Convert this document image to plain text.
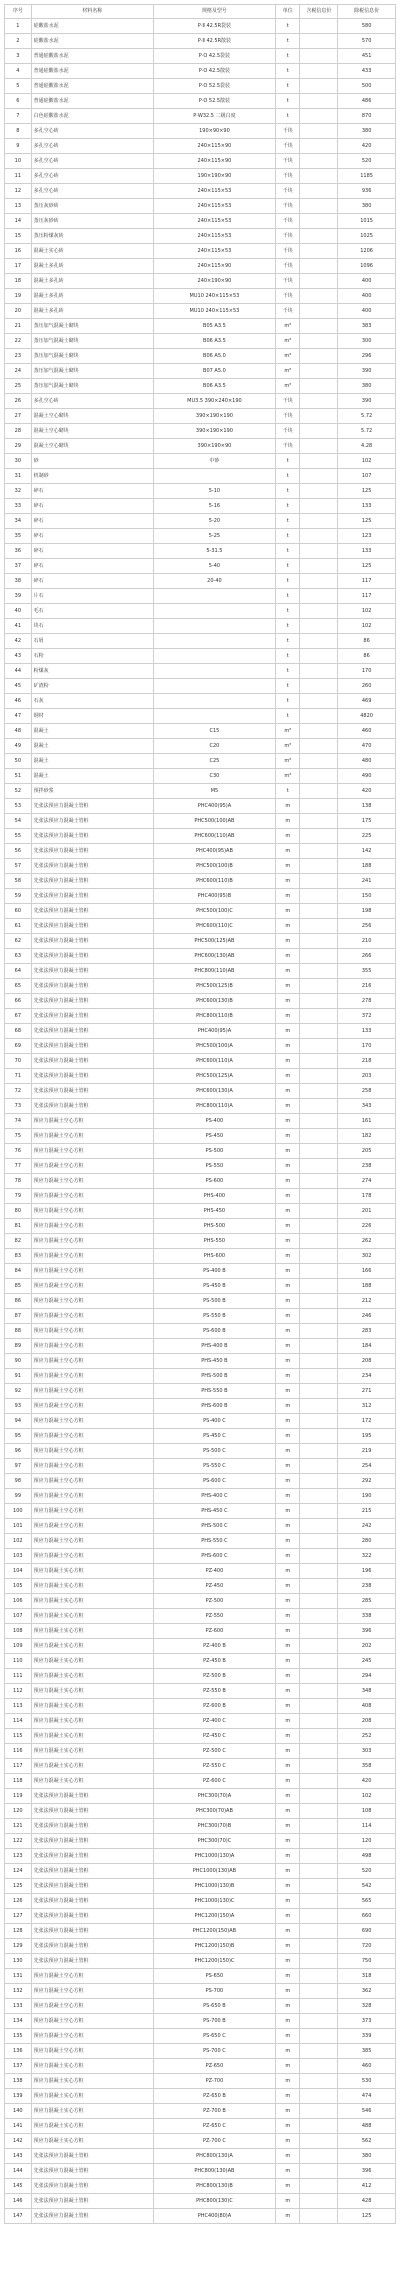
序号	材料名称	规格及型号	单位	含税信息价	除税信息价
1	硅酸盐水泥	P·Ⅱ 42.5R袋装	t		580
2	硅酸盐水泥	P·Ⅱ 42.5R散装	t		570
3	普通硅酸盐水泥	P·O 42.5袋装	t		451
4	普通硅酸盐水泥	P·O 42.5散装	t		433
5	普通硅酸盐水泥	P·O 52.5袋装	t		500
6	普通硅酸盐水泥	P·O 52.5散装	t		486
7	白色硅酸盐水泥	P·W32.5 二级白度	t		870
8	多孔空心砖	190×90×90	千块		380
9	多孔空心砖	240×115×90	千块		420
10	多孔空心砖	240×115×90	千块		520
11	多孔空心砖	190×190×90	千块		1185
12	多孔空心砖	240×115×53	千块		936
13	蒸压灰砂砖	240×115×53	千块		380
14	蒸压灰砂砖	240×115×53	千块		1015
15	蒸压粉煤灰砖	240×115×53	千块		1025
16	混凝土实心砖	240×115×53	千块		1206
17	混凝土多孔砖	240×115×90	千块		1096
18	混凝土多孔砖	240×190×90	千块		400
19	混凝土多孔砖	MU10 240×115×53	千块		400
20	混凝土多孔砖	MU10 240×115×53	千块		400
21	蒸压加气混凝土砌块	B05 A3.5	m³		383
22	蒸压加气混凝土砌块	B06 A3.5	m³		300
23	蒸压加气混凝土砌块	B06 A5.0	m³		296
24	蒸压加气混凝土砌块	B07 A5.0	m³		390
25	蒸压加气混凝土砌块	B06 A3.5	m³		380
26	多孔空心砖	MU3.5 390×240×190	千块		390
27	混凝土空心砌块	390×190×190	千块		5.72
28	混凝土空心砌块	390×190×190	千块		5.72
29	混凝土空心砌块	390×190×90	千块		4.28
30	砂	中砂	t		102
31	机制砂		t		107
32	碎石	5-10	t		125
33	碎石	5-16	t		133
34	碎石	5-20	t		125
35	碎石	5-25	t		123
36	碎石	5-31.5	t		133
37	碎石	5-40	t		125
38	碎石	20-40	t		117
39	片石		t		117
40	毛石		t		102
41	块石		t		102
42	石屑		t		86
43	石粉		t		86
44	粉煤灰		t		170
45	矿渣粉		t		260
46	石灰		t		469
47	钢材		t		4820
48	混凝土	C15	m³		460
49	混凝土	C20	m³		470
50	混凝土	C25	m³		480
51	混凝土	C30	m³		490
52	预拌砂浆	M5	t		420
53	先张法预应力混凝土管桩	PHC400(95)A	m		138
54	先张法预应力混凝土管桩	PHC500(100)AB	m		175
55	先张法预应力混凝土管桩	PHC600(110)AB	m		225
56	先张法预应力混凝土管桩	PHC400(95)AB	m		142
57	先张法预应力混凝土管桩	PHC500(100)B	m		188
58	先张法预应力混凝土管桩	PHC600(110)B	m		241
59	先张法预应力混凝土管桩	PHC400(95)B	m		150
60	先张法预应力混凝土管桩	PHC500(100)C	m		198
61	先张法预应力混凝土管桩	PHC600(110)C	m		256
62	先张法预应力混凝土管桩	PHC500(125)AB	m		210
63	先张法预应力混凝土管桩	PHC600(130)AB	m		266
64	先张法预应力混凝土管桩	PHC800(110)AB	m		355
65	先张法预应力混凝土管桩	PHC500(125)B	m		216
66	先张法预应力混凝土管桩	PHC600(130)B	m		278
67	先张法预应力混凝土管桩	PHC800(110)B	m		372
68	先张法预应力混凝土管桩	PHC400(95)A	m		133
69	先张法预应力混凝土管桩	PHC500(100)A	m		170
70	先张法预应力混凝土管桩	PHC600(110)A	m		218
71	先张法预应力混凝土管桩	PHC500(125)A	m		203
72	先张法预应力混凝土管桩	PHC600(130)A	m		258
73	先张法预应力混凝土管桩	PHC800(110)A	m		343
74	预应力混凝土空心方桩	PS-400	m		161
75	预应力混凝土空心方桩	PS-450	m		182
76	预应力混凝土空心方桩	PS-500	m		205
77	预应力混凝土空心方桩	PS-550	m		238
78	预应力混凝土空心方桩	PS-600	m		274
79	预应力混凝土空心方桩	PHS-400	m		178
80	预应力混凝土空心方桩	PHS-450	m		201
81	预应力混凝土空心方桩	PHS-500	m		226
82	预应力混凝土空心方桩	PHS-550	m		262
83	预应力混凝土空心方桩	PHS-600	m		302
84	预应力混凝土空心方桩	PS-400 B	m		166
85	预应力混凝土空心方桩	PS-450 B	m		188
86	预应力混凝土空心方桩	PS-500 B	m		212
87	预应力混凝土空心方桩	PS-550 B	m		246
88	预应力混凝土空心方桩	PS-600 B	m		283
89	预应力混凝土空心方桩	PHS-400 B	m		184
90	预应力混凝土空心方桩	PHS-450 B	m		208
91	预应力混凝土空心方桩	PHS-500 B	m		234
92	预应力混凝土空心方桩	PHS-550 B	m		271
93	预应力混凝土空心方桩	PHS-600 B	m		312
94	预应力混凝土空心方桩	PS-400 C	m		172
95	预应力混凝土空心方桩	PS-450 C	m		195
96	预应力混凝土空心方桩	PS-500 C	m		219
97	预应力混凝土空心方桩	PS-550 C	m		254
98	预应力混凝土空心方桩	PS-600 C	m		292
99	预应力混凝土空心方桩	PHS-400 C	m		190
100	预应力混凝土空心方桩	PHS-450 C	m		215
101	预应力混凝土空心方桩	PHS-500 C	m		242
102	预应力混凝土空心方桩	PHS-550 C	m		280
103	预应力混凝土空心方桩	PHS-600 C	m		322
104	预应力混凝土实心方桩	PZ-400	m		196
105	预应力混凝土实心方桩	PZ-450	m		238
106	预应力混凝土实心方桩	PZ-500	m		285
107	预应力混凝土实心方桩	PZ-550	m		338
108	预应力混凝土实心方桩	PZ-600	m		396
109	预应力混凝土实心方桩	PZ-400 B	m		202
110	预应力混凝土实心方桩	PZ-450 B	m		245
111	预应力混凝土实心方桩	PZ-500 B	m		294
112	预应力混凝土实心方桩	PZ-550 B	m		348
113	预应力混凝土实心方桩	PZ-600 B	m		408
114	预应力混凝土实心方桩	PZ-400 C	m		208
115	预应力混凝土实心方桩	PZ-450 C	m		252
116	预应力混凝土实心方桩	PZ-500 C	m		303
117	预应力混凝土实心方桩	PZ-550 C	m		358
118	预应力混凝土实心方桩	PZ-600 C	m		420
119	先张法预应力混凝土管桩	PHC300(70)A	m		102
120	先张法预应力混凝土管桩	PHC300(70)AB	m		108
121	先张法预应力混凝土管桩	PHC300(70)B	m		114
122	先张法预应力混凝土管桩	PHC300(70)C	m		120
123	先张法预应力混凝土管桩	PHC1000(130)A	m		498
124	先张法预应力混凝土管桩	PHC1000(130)AB	m		520
125	先张法预应力混凝土管桩	PHC1000(130)B	m		542
126	先张法预应力混凝土管桩	PHC1000(130)C	m		565
127	先张法预应力混凝土管桩	PHC1200(150)A	m		660
128	先张法预应力混凝土管桩	PHC1200(150)AB	m		690
129	先张法预应力混凝土管桩	PHC1200(150)B	m		720
130	先张法预应力混凝土管桩	PHC1200(150)C	m		750
131	预应力混凝土空心方桩	PS-650	m		318
132	预应力混凝土空心方桩	PS-700	m		362
133	预应力混凝土空心方桩	PS-650 B	m		328
134	预应力混凝土空心方桩	PS-700 B	m		373
135	预应力混凝土空心方桩	PS-650 C	m		339
136	预应力混凝土空心方桩	PS-700 C	m		385
137	预应力混凝土实心方桩	PZ-650	m		460
138	预应力混凝土实心方桩	PZ-700	m		530
139	预应力混凝土实心方桩	PZ-650 B	m		474
140	预应力混凝土实心方桩	PZ-700 B	m		546
141	预应力混凝土实心方桩	PZ-650 C	m		488
142	预应力混凝土实心方桩	PZ-700 C	m		562
143	先张法预应力混凝土管桩	PHC800(130)A	m		380
144	先张法预应力混凝土管桩	PHC800(130)AB	m		396
145	先张法预应力混凝土管桩	PHC800(130)B	m		412
146	先张法预应力混凝土管桩	PHC800(130)C	m		428
147	先张法预应力混凝土管桩	PHC400(80)A	m		125
